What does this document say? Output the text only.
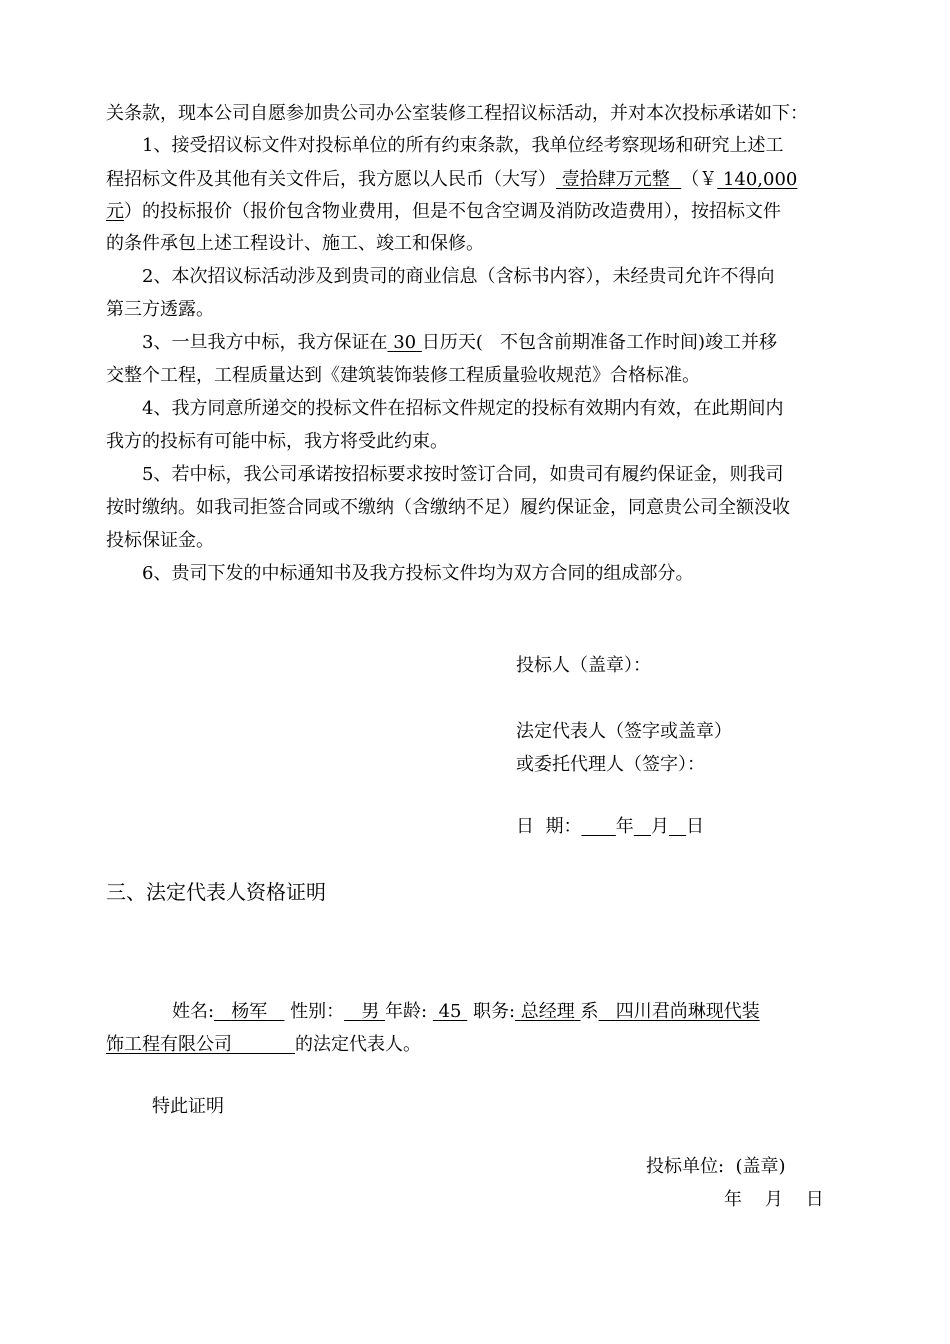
关条款，现本公司自愿参加贵公司办公室装修工程招议标活动，并对本次投标承诺如下：
1、接受招议标文件对投标单位的所有约束条款，我单位经考察现场和研究上述工
程招标文件及其他有关文件后，我方愿以人民币（大写） 壹拾肆万元整 （￥ 140,000
元）的投标报价（报价包含物业费用，但是不包含空调及消防改造费用），按招标文件
的条件承包上述工程设计、施工、竣工和保修。
2、本次招议标活动涉及到贵司的商业信息（含标书内容），未经贵司允许不得向
第三方透露。
3、一旦我方中标，我方保证在 30 日历天(   不包含前期准备工作时间)竣工并移
交整个工程，工程质量达到《建筑装饰装修工程质量验收规范》合格标准。
4、我方同意所递交的投标文件在招标文件规定的投标有效期内有效，在此期间内
我方的投标有可能中标，我方将受此约束。
5、若中标，我公司承诺按招标要求按时签订合同，如贵司有履约保证金，则我司
按时缴纳。如我司拒签合同或不缴纳（含缴纳不足）履约保证金，同意贵公司全额没收
投标保证金。
6、贵司下发的中标通知书及我方投标文件均为双方合同的组成部分。
投标人（盖章）：
法定代表人（签字或盖章）
或委托代理人（签字）：
日  期： 年 月 日
三、法定代表人资格证明
姓名: 杨军 性别： 男 年龄: 45 职务: 总经理 系 四川君尚琳现代装
饰工程有限公司	的法定代表人。
特此证明
投标单位:  (盖章)
年    月    日
